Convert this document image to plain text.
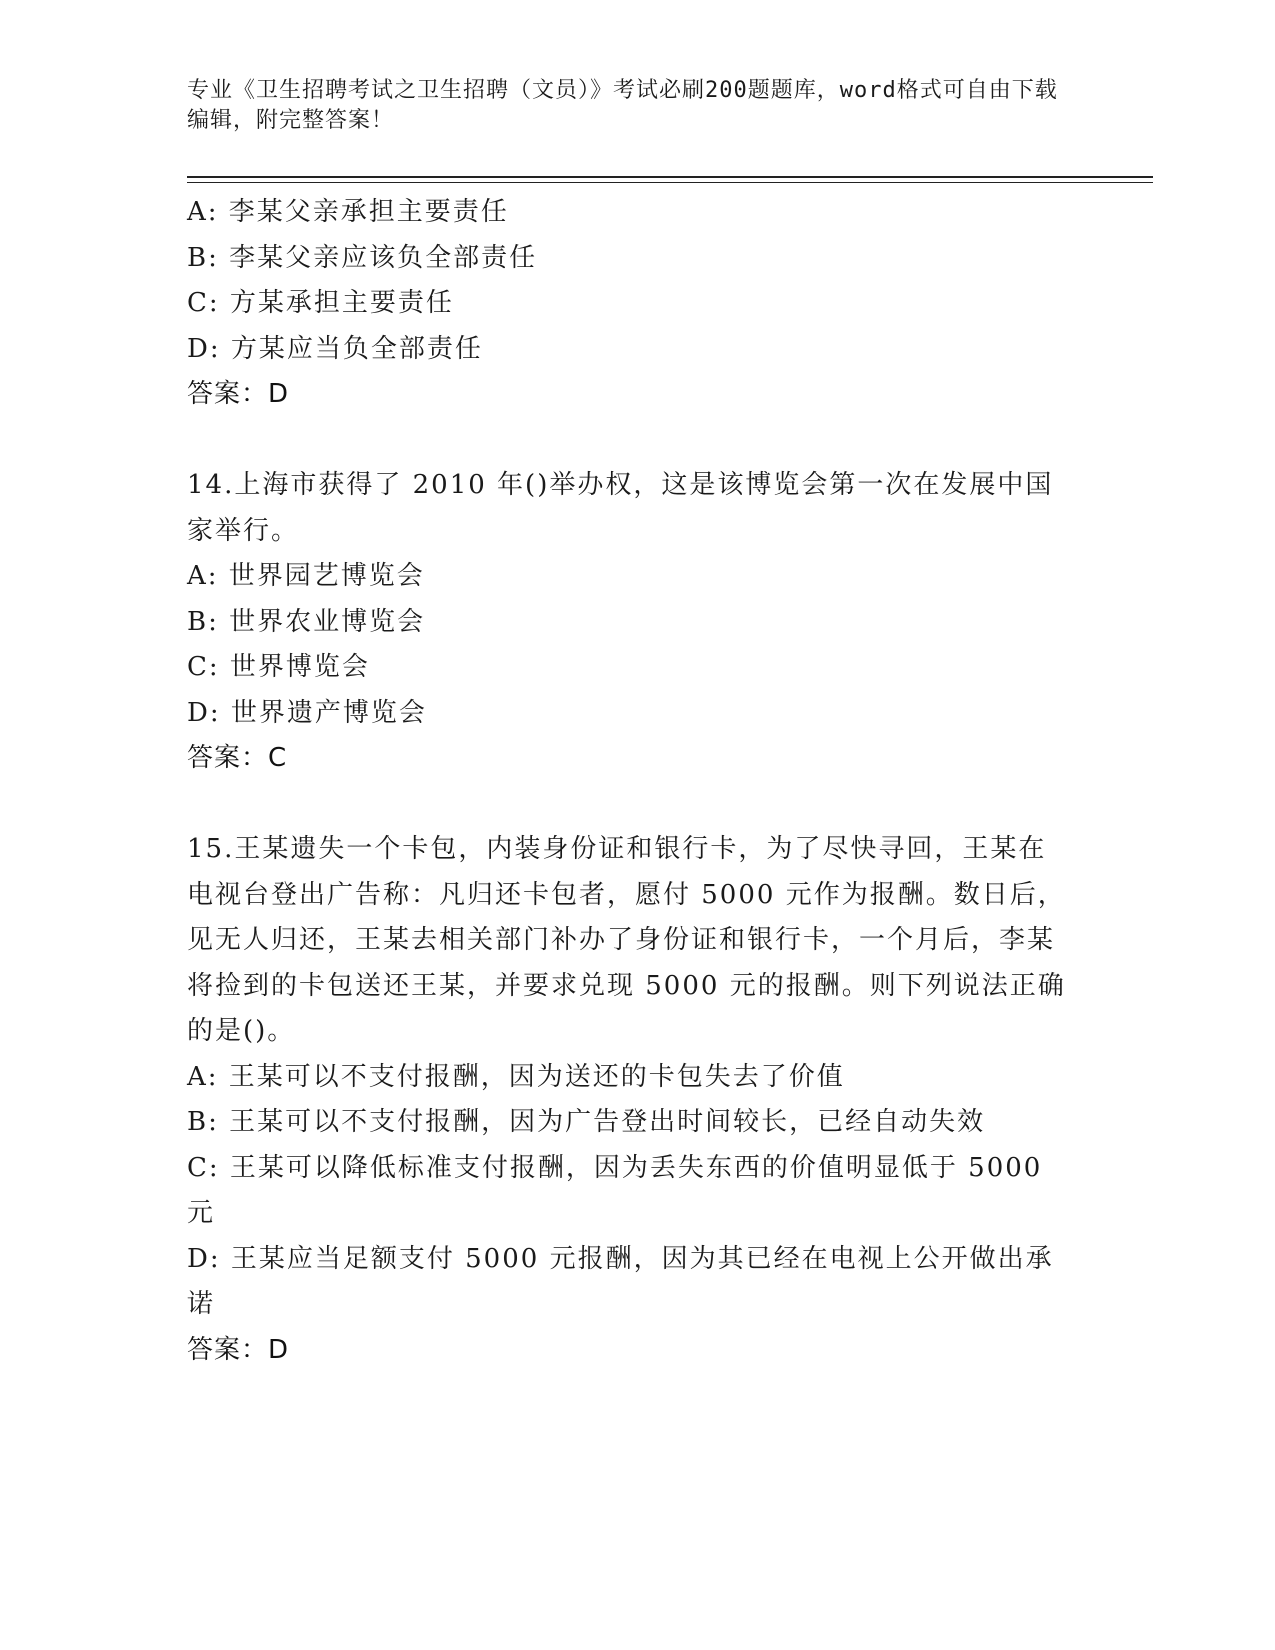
专业《卫生招聘考试之卫生招聘（文员）》考试必刷200题题库，word格式可自由下载编辑，附完整答案！

A: 李某父亲承担主要责任

B: 李某父亲应该负全部责任

C: 方某承担主要责任

D: 方某应当负全部责任

答案：D

14.上海市获得了 2010 年()举办权，这是该博览会第一次在发展中国家举行。

A: 世界园艺博览会

B: 世界农业博览会

C: 世界博览会

D: 世界遗产博览会

答案：C

15.王某遗失一个卡包，内装身份证和银行卡，为了尽快寻回，王某在电视台登出广告称：凡归还卡包者，愿付 5000 元作为报酬。数日后，见无人归还，王某去相关部门补办了身份证和银行卡，一个月后，李某将捡到的卡包送还王某，并要求兑现 5000 元的报酬。则下列说法正确的是()。

A: 王某可以不支付报酬，因为送还的卡包失去了价值

B: 王某可以不支付报酬，因为广告登出时间较长，已经自动失效

C: 王某可以降低标准支付报酬，因为丢失东西的价值明显低于 5000 元

D: 王某应当足额支付 5000 元报酬，因为其已经在电视上公开做出承诺

答案：D
